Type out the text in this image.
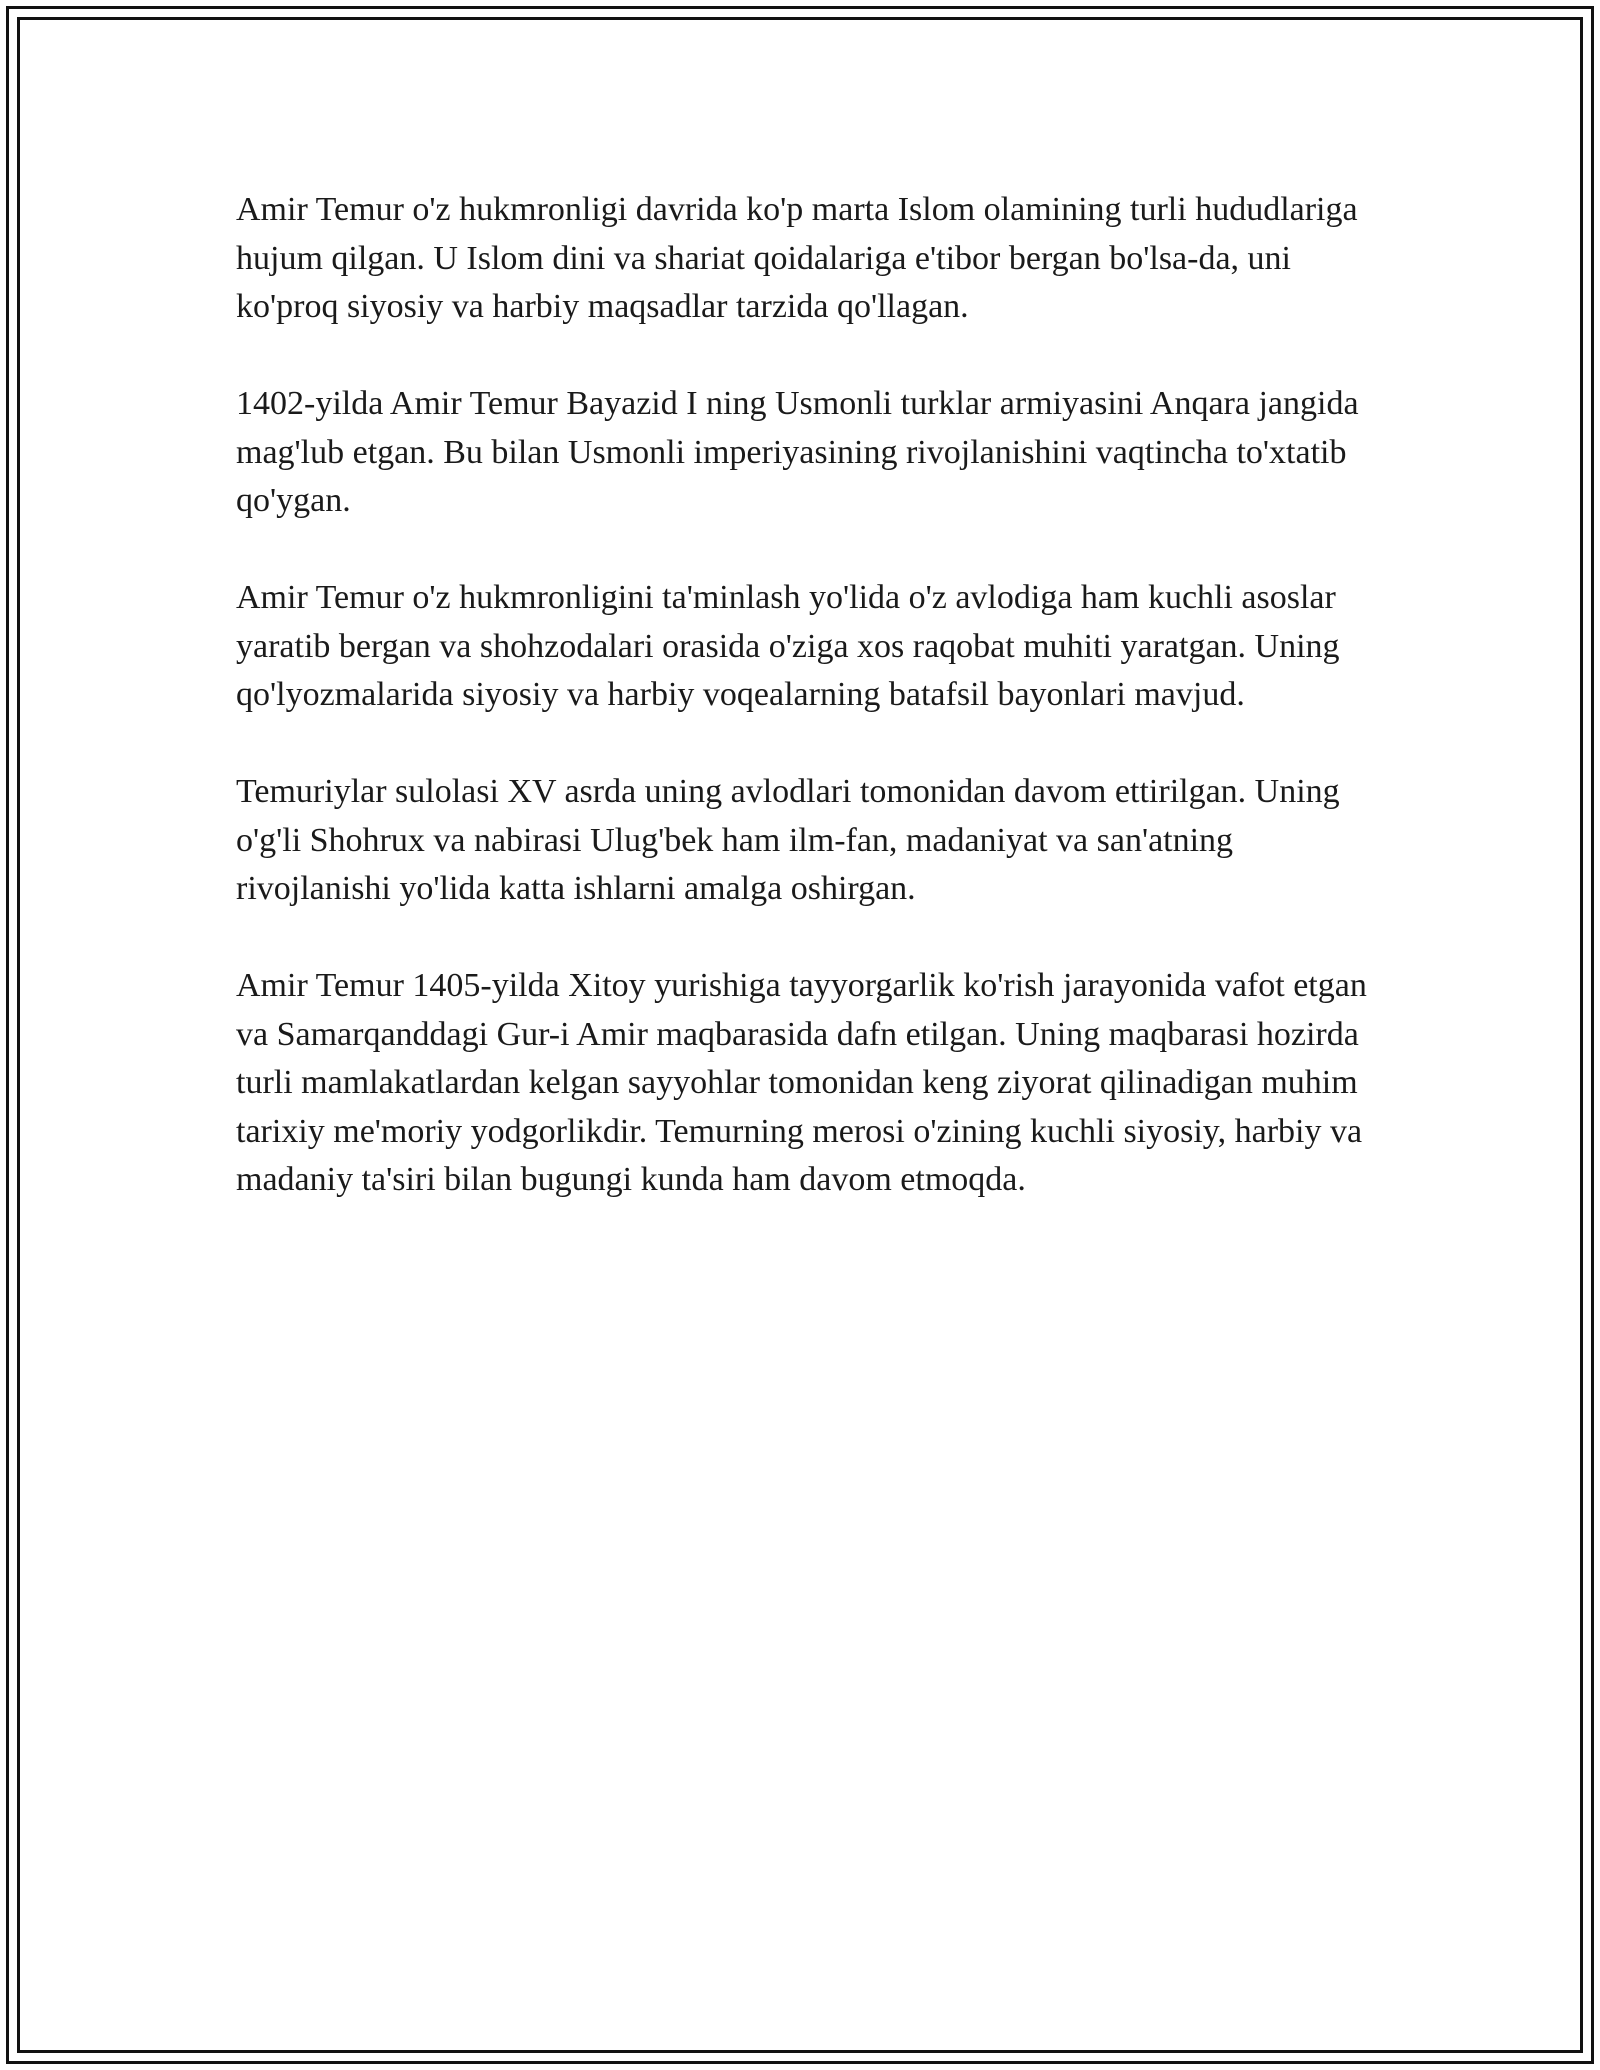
Amir Temur o'z hukmronligi davrida ko'p marta Islom olamining turli hududlariga hujum qilgan. U Islom dini va shariat qoidalariga e'tibor bergan bo'lsa-da, uni ko'proq siyosiy va harbiy maqsadlar tarzida qo'llagan.

1402-yilda Amir Temur Bayazid I ning Usmonli turklar armiyasini Anqara jangida mag'lub etgan. Bu bilan Usmonli imperiyasining rivojlanishini vaqtincha to'xtatib qo'ygan.

Amir Temur o'z hukmronligini ta'minlash yo'lida o'z avlodiga ham kuchli asoslar yaratib bergan va shohzodalari orasida o'ziga xos raqobat muhiti yaratgan. Uning qo'lyozmalarida siyosiy va harbiy voqealarning batafsil bayonlari mavjud.

Temuriylar sulolasi XV asrda uning avlodlari tomonidan davom ettirilgan. Uning o'g'li Shohrux va nabirasi Ulug'bek ham ilm-fan, madaniyat va san'atning rivojlanishi yo'lida katta ishlarni amalga oshirgan.

Amir Temur 1405-yilda Xitoy yurishiga tayyorgarlik ko'rish jarayonida vafot etgan va Samarqanddagi Gur-i Amir maqbarasida dafn etilgan. Uning maqbarasi hozirda turli mamlakatlardan kelgan sayyohlar tomonidan keng ziyorat qilinadigan muhim tarixiy me'moriy yodgorlikdir. Temurning merosi o'zining kuchli siyosiy, harbiy va madaniy ta'siri bilan bugungi kunda ham davom etmoqda.
